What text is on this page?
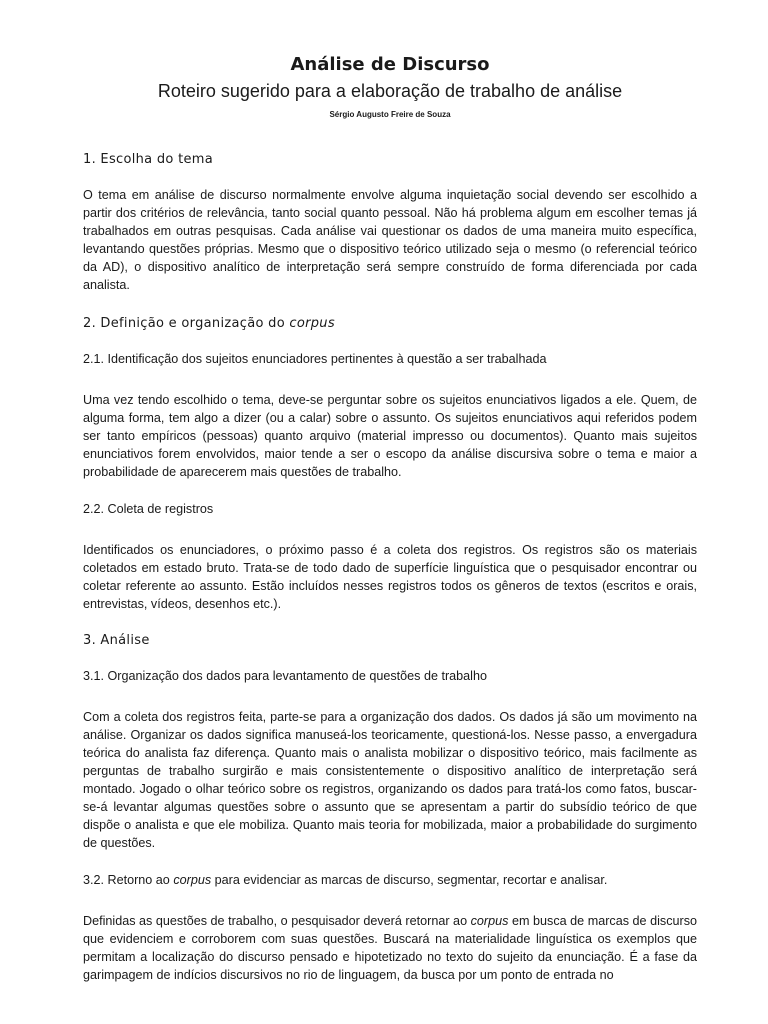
Análise de Discurso
Roteiro sugerido para a elaboração de trabalho de análise
Sérgio Augusto Freire de Souza
1. Escolha do tema

O tema em análise de discurso normalmente envolve alguma inquietação social devendo ser escolhido a partir dos critérios de relevância, tanto social quanto pessoal. Não há problema algum em escolher temas já trabalhados em outras pesquisas. Cada análise vai questionar os dados de uma maneira muito específica, levantando questões próprias. Mesmo que o dispositivo teórico utilizado seja o mesmo (o referencial teórico da AD), o dispositivo analítico de interpretação será sempre construído de forma diferenciada por cada analista.

2. Definição e organização do corpus

2.1. Identificação dos sujeitos enunciadores pertinentes à questão a ser trabalhada

Uma vez tendo escolhido o tema, deve-se perguntar sobre os sujeitos enunciativos ligados a ele. Quem, de alguma forma, tem algo a dizer (ou a calar) sobre o assunto. Os sujeitos enunciativos aqui referidos podem ser tanto empíricos (pessoas) quanto arquivo (material impresso ou documentos). Quanto mais sujeitos enunciativos forem envolvidos, maior tende a ser o escopo da análise discursiva sobre o tema e maior a probabilidade de aparecerem mais questões de trabalho.

2.2. Coleta de registros

Identificados os enunciadores, o próximo passo é a coleta dos registros. Os registros são os materiais coletados em estado bruto. Trata-se de todo dado de superfície linguística que o pesquisador encontrar ou coletar referente ao assunto. Estão incluídos nesses registros todos os gêneros de textos (escritos e orais, entrevistas, vídeos, desenhos etc.).

3. Análise

3.1. Organização dos dados para levantamento de questões de trabalho

Com a coleta dos registros feita, parte-se para a organização dos dados. Os dados já são um movimento na análise. Organizar os dados significa manuseá-los teoricamente, questioná-los. Nesse passo, a envergadura teórica do analista faz diferença. Quanto mais o analista mobilizar o dispositivo teórico, mais facilmente as perguntas de trabalho surgirão e mais consistentemente o dispositivo analítico de interpretação será montado. Jogado o olhar teórico sobre os registros, organizando os dados para tratá-los como fatos, buscar-se-á levantar algumas questões sobre o assunto que se apresentam a partir do subsídio teórico de que dispõe o analista e que ele mobiliza. Quanto mais teoria for mobilizada, maior a probabilidade do surgimento de questões.

3.2. Retorno ao corpus para evidenciar as marcas de discurso, segmentar, recortar e analisar.

Definidas as questões de trabalho, o pesquisador deverá retornar ao corpus em busca de marcas de discurso que evidenciem e corroborem com suas questões. Buscará na materialidade linguística os exemplos que permitam a localização do discurso pensado e hipotetizado no texto do sujeito da enunciação. É a fase da garimpagem de indícios discursivos no rio de linguagem, da busca por um ponto de entrada no
